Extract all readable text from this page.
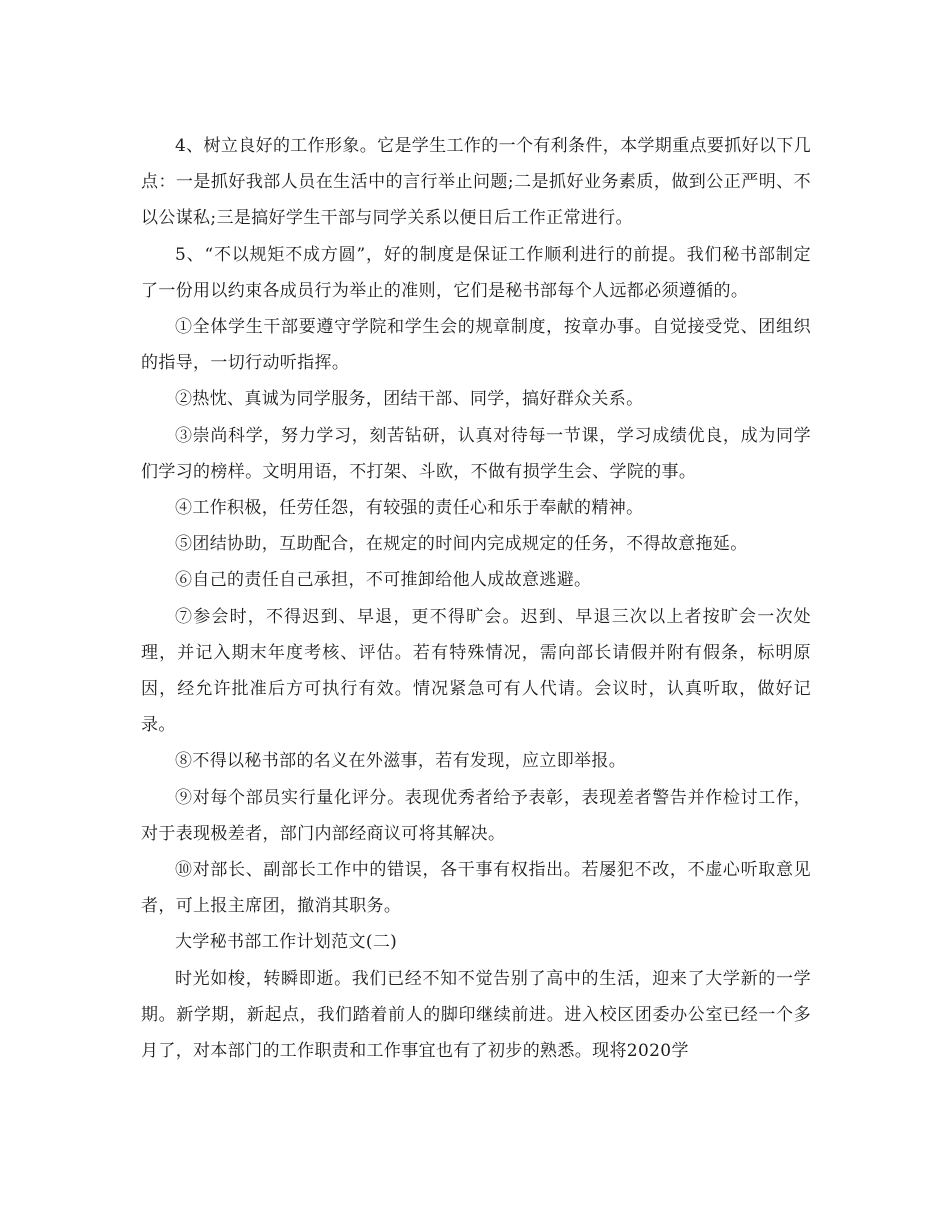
4、树立良好的工作形象。它是学生工作的一个有利条件，本学期重点要抓好以下几点：一是抓好我部人员在生活中的言行举止问题;二是抓好业务素质，做到公正严明、不以公谋私;三是搞好学生干部与同学关系以便日后工作正常进行。

5、“不以规矩不成方圆”，好的制度是保证工作顺利进行的前提。我们秘书部制定了一份用以约束各成员行为举止的准则，它们是秘书部每个人远都必须遵循的。

①全体学生干部要遵守学院和学生会的规章制度，按章办事。自觉接受党、团组织的指导，一切行动听指挥。

②热忱、真诚为同学服务，团结干部、同学，搞好群众关系。

③崇尚科学，努力学习，刻苦钻研，认真对待每一节课，学习成绩优良，成为同学们学习的榜样。文明用语，不打架、斗欧，不做有损学生会、学院的事。

④工作积极，任劳任怨，有较强的责任心和乐于奉献的精神。

⑤团结协助，互助配合，在规定的时间内完成规定的任务，不得故意拖延。

⑥自己的责任自己承担，不可推卸给他人成故意逃避。

⑦参会时，不得迟到、早退，更不得旷会。迟到、早退三次以上者按旷会一次处理，并记入期末年度考核、评估。若有特殊情况，需向部长请假并附有假条，标明原因，经允许批准后方可执行有效。情况紧急可有人代请。会议时，认真听取，做好记录。

⑧不得以秘书部的名义在外滋事，若有发现，应立即举报。

⑨对每个部员实行量化评分。表现优秀者给予表彰，表现差者警告并作检讨工作，对于表现极差者，部门内部经商议可将其解决。

⑩对部长、副部长工作中的错误，各干事有权指出。若屡犯不改，不虚心听取意见者，可上报主席团，撤消其职务。

大学秘书部工作计划范文(二)

时光如梭，转瞬即逝。我们已经不知不觉告别了高中的生活，迎来了大学新的一学期。新学期，新起点，我们踏着前人的脚印继续前进。进入校区团委办公室已经一个多月了，对本部门的工作职责和工作事宜也有了初步的熟悉。现将2020学
